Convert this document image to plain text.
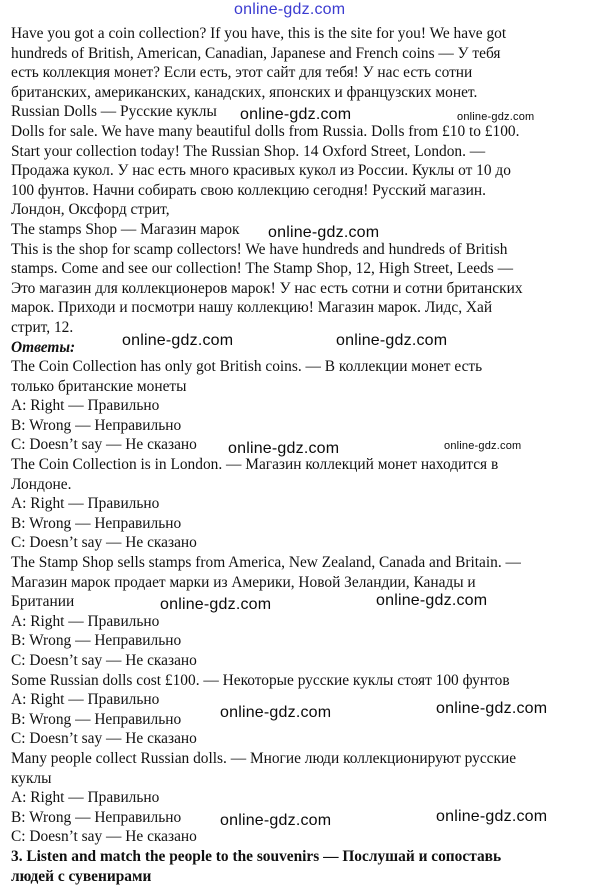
online-gdz.com

Have you got a coin collection? If you have, this is the site for you! We have got

hundreds of British, American, Canadian, Japanese and French coins — У тебя

есть коллекция монет? Если есть, этот сайт для тебя! У нас есть сотни

британских, американских, канадских, японских и французских монет.

Russian Dolls — Русские куклы

Dolls for sale. We have many beautiful dolls from Russia. Dolls from £10 to £100.

Start your collection today! The Russian Shop. 14 Oxford Street, London. —

Продажа кукол. У нас есть много красивых кукол из России. Куклы от 10 до

100 фунтов. Начни собирать свою коллекцию сегодня! Русский магазин.

Лондон, Оксфорд стрит,

The stamps Shop — Магазин марок

This is the shop for scamp collectors! We have hundreds and hundreds of British

stamps. Come and see our collection! The Stamp Shop, 12, High Street, Leeds —

Это магазин для коллекционеров марок! У нас есть сотни и сотни британских

марок. Приходи и посмотри нашу коллекцию! Магазин марок. Лидс, Хай

стрит, 12.

Ответы:

The Coin Collection has only got British coins. — В коллекции монет есть

только британские монеты

A: Right — Правильно

B: Wrong — Неправильно

C: Doesn’t say — Не сказано

The Coin Collection is in London. — Магазин коллекций монет находится в

Лондоне.

A: Right — Правильно

B: Wrong — Неправильно

C: Doesn’t say — Не сказано

The Stamp Shop sells stamps from America, New Zealand, Canada and Britain. —

Магазин марок продает марки из Америки, Новой Зеландии, Канады и

Британии

A: Right — Правильно

B: Wrong — Неправильно

C: Doesn’t say — Не сказано

Some Russian dolls cost £100. — Некоторые русские куклы стоят 100 фунтов

A: Right — Правильно

B: Wrong — Неправильно

C: Doesn’t say — Не сказано

Many people collect Russian dolls. — Многие люди коллекционируют русские

куклы

A: Right — Правильно

B: Wrong — Неправильно

C: Doesn’t say — Не сказано

3. Listen and match the people to the souvenirs — Послушай и сопоставь

людей с сувенирами

online-gdz.com
online-gdz.com
online-gdz.com
online-gdz.com	online-gdz.com
online-gdz.com	online-gdz.com
online-gdz.com	online-gdz.com
online-gdz.com	online-gdz.com
online-gdz.com	online-gdz.com
